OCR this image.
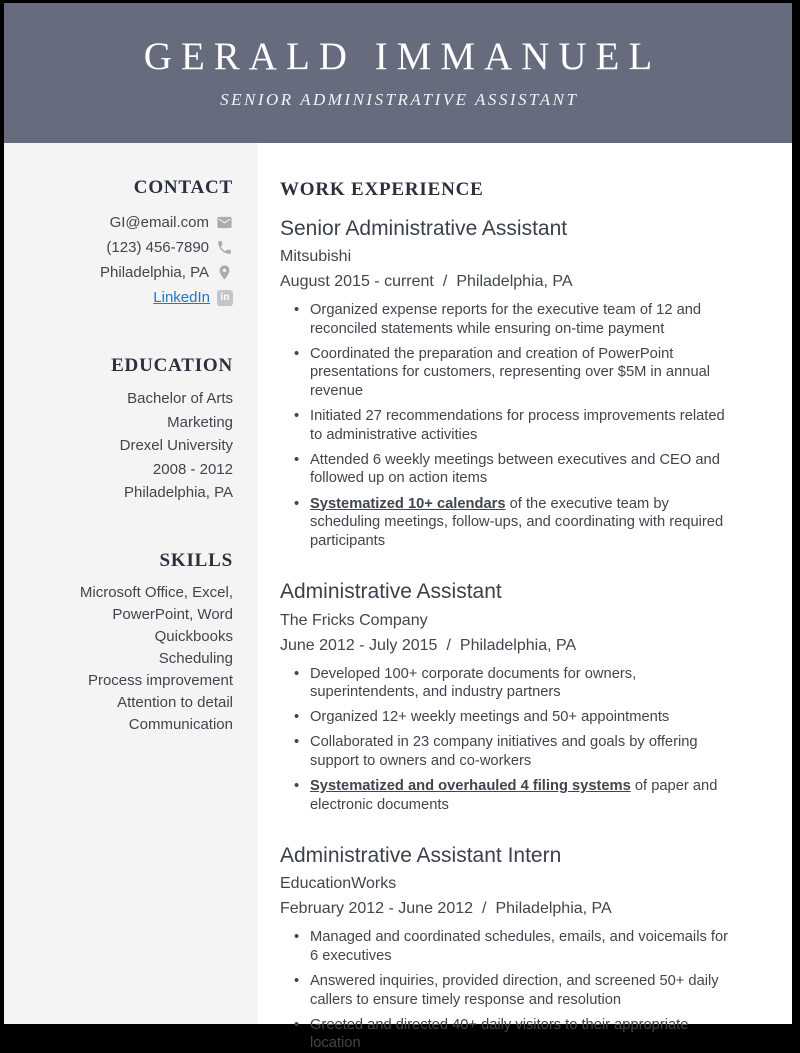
GERALD IMMANUEL
SENIOR ADMINISTRATIVE ASSISTANT
CONTACT
GI@email.com
(123) 456-7890
Philadelphia, PA
LinkedIn	in
EDUCATION
Bachelor of Arts
Marketing
Drexel University
2008 - 2012
Philadelphia, PA
SKILLS
Microsoft Office, Excel, PowerPoint, Word
Quickbooks
Scheduling
Process improvement
Attention to detail
Communication
WORK EXPERIENCE
Senior Administrative Assistant
Mitsubishi
August 2015 - current / Philadelphia, PA
• Organized expense reports for the executive team of 12 and reconciled statements while ensuring on-time payment
• Coordinated the preparation and creation of PowerPoint presentations for customers, representing over $5M in annual revenue
• Initiated 27 recommendations for process improvements related to administrative activities
• Attended 6 weekly meetings between executives and CEO and followed up on action items
• Systematized 10+ calendars of the executive team by scheduling meetings, follow-ups, and coordinating with required participants
Administrative Assistant
The Fricks Company
June 2012 - July 2015 / Philadelphia, PA
• Developed 100+ corporate documents for owners, superintendents, and industry partners
• Organized 12+ weekly meetings and 50+ appointments
• Collaborated in 23 company initiatives and goals by offering support to owners and co-workers
• Systematized and overhauled 4 filing systems of paper and electronic documents
Administrative Assistant Intern
EducationWorks
February 2012 - June 2012 / Philadelphia, PA
• Managed and coordinated schedules, emails, and voicemails for 6 executives
• Answered inquiries, provided direction, and screened 50+ daily callers to ensure timely response and resolution
• Greeted and directed 40+ daily visitors to their appropriate location
